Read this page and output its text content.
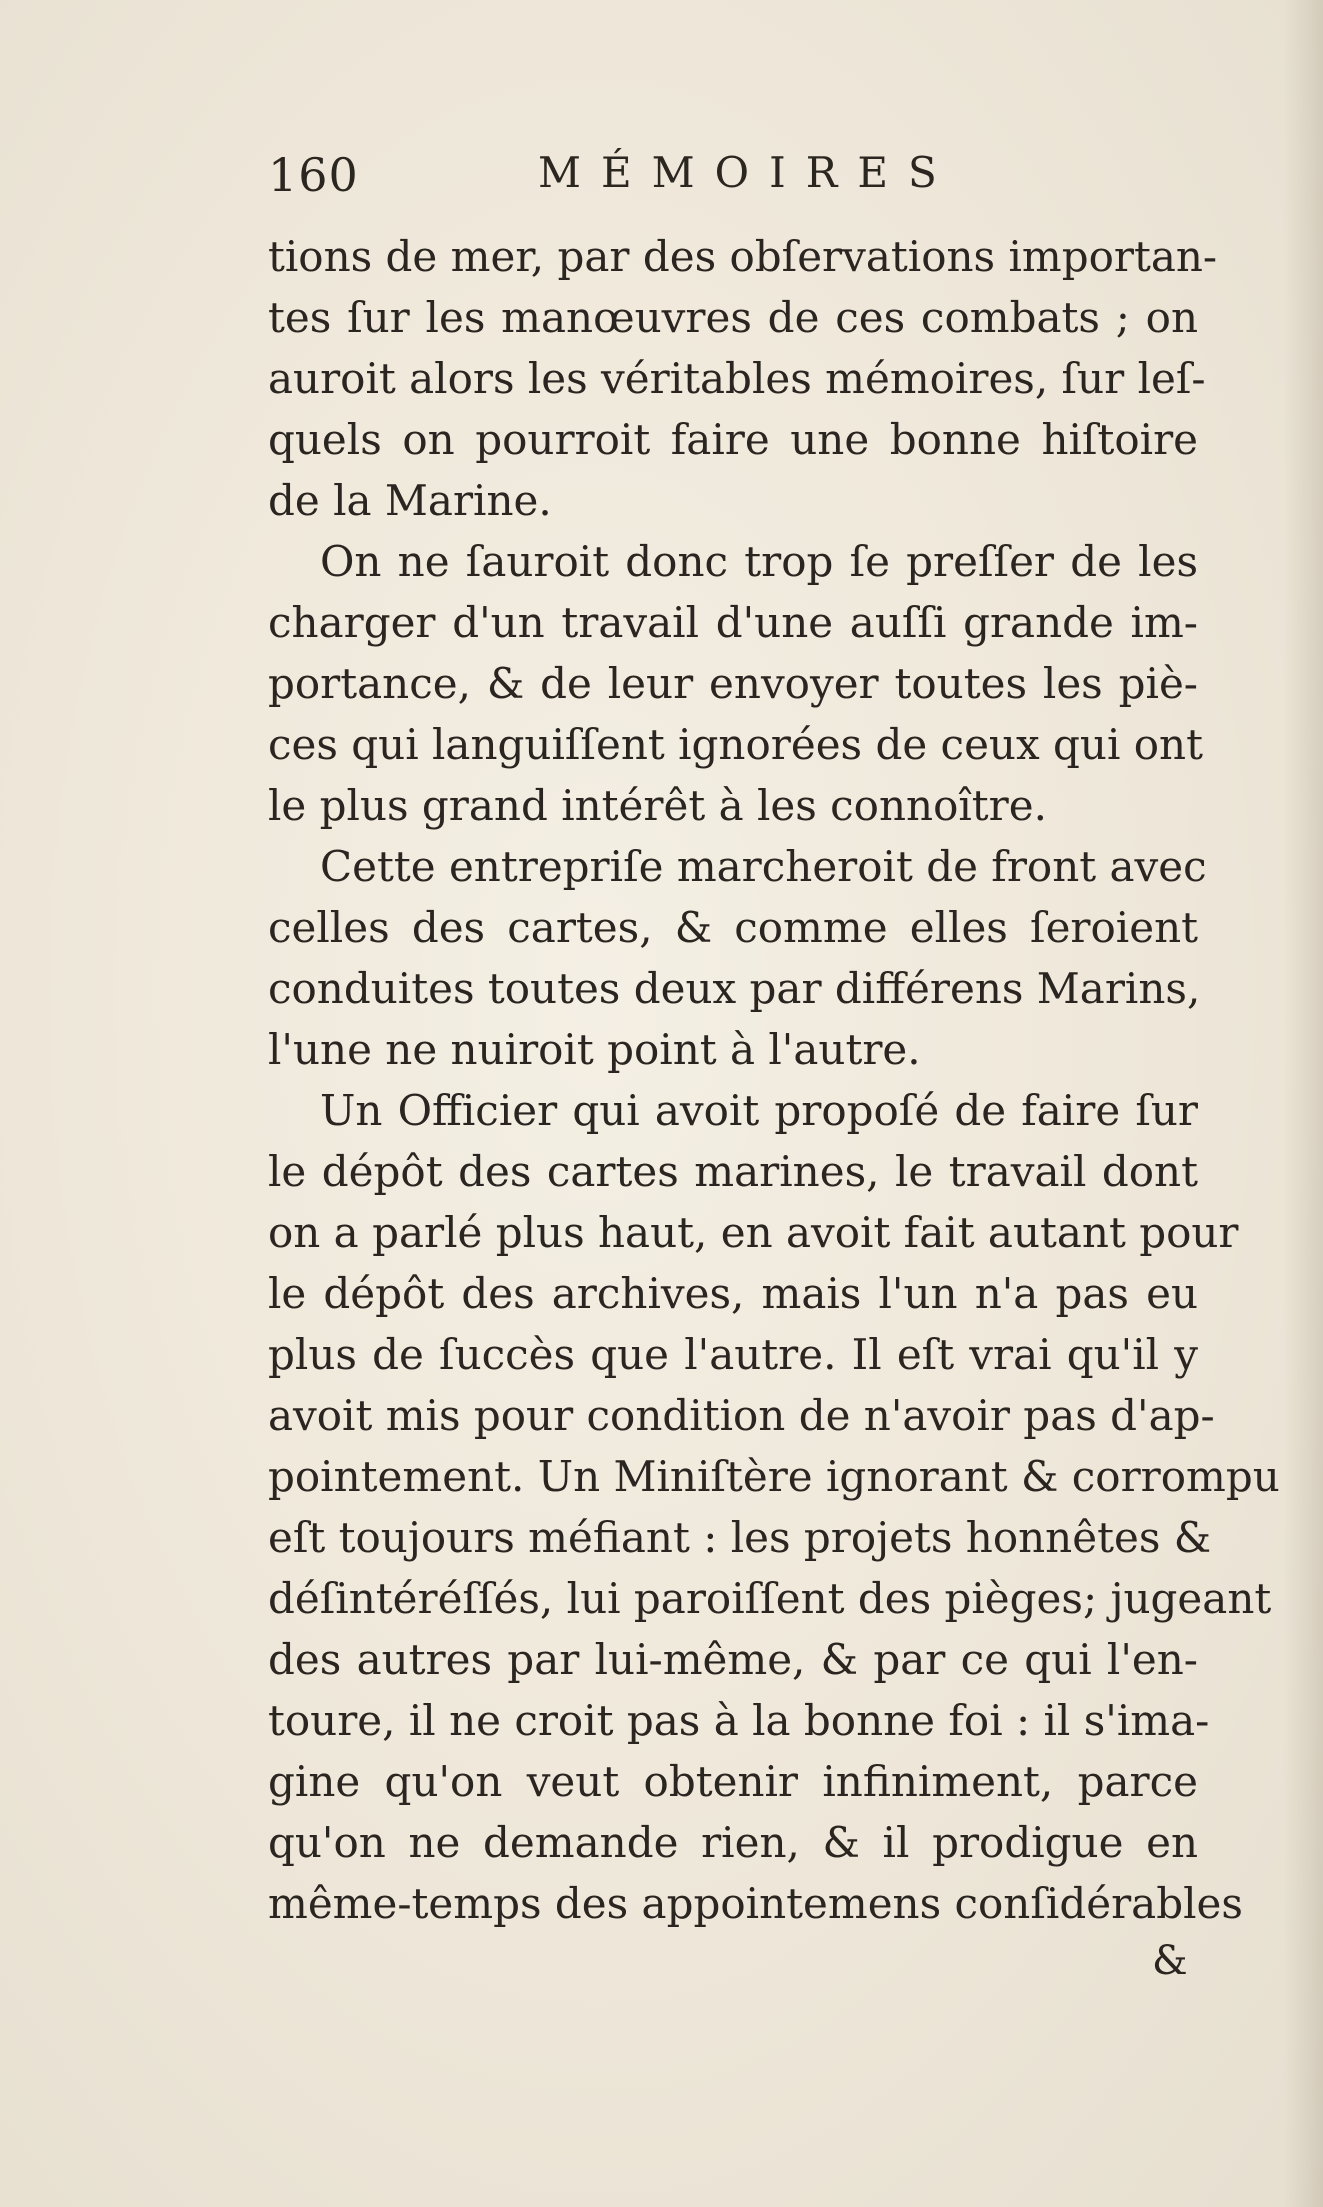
160	MÉMOIRES
tions de mer, par des obſervations importan-
tes ſur les manœuvres de ces combats ; on
auroit alors les véritables mémoires, ſur leſ-
quels on pourroit faire une bonne hiſtoire
de la Marine.
On ne ſauroit donc trop ſe preſſer de les
charger d'un travail d'une auſſi grande im-
portance, & de leur envoyer toutes les piè-
ces qui languiſſent ignorées de ceux qui ont
le plus grand intérêt à les connoître.
Cette entrepriſe marcheroit de front avec
celles des cartes, & comme elles ſeroient
conduites toutes deux par différens Marins,
l'une ne nuiroit point à l'autre.
Un Officier qui avoit propoſé de faire ſur
le dépôt des cartes marines, le travail dont
on a parlé plus haut, en avoit fait autant pour
le dépôt des archives, mais l'un n'a pas eu
plus de ſuccès que l'autre. Il eſt vrai qu'il y
avoit mis pour condition de n'avoir pas d'ap-
pointement. Un Miniſtère ignorant & corrompu
eſt toujours méfiant : les projets honnêtes &
déſintéréſſés, lui paroiſſent des pièges; jugeant
des autres par lui-même, & par ce qui l'en-
toure, il ne croit pas à la bonne foi : il s'ima-
gine qu'on veut obtenir infiniment, parce
qu'on ne demande rien, & il prodigue en
même-temps des appointemens conſidérables
&
